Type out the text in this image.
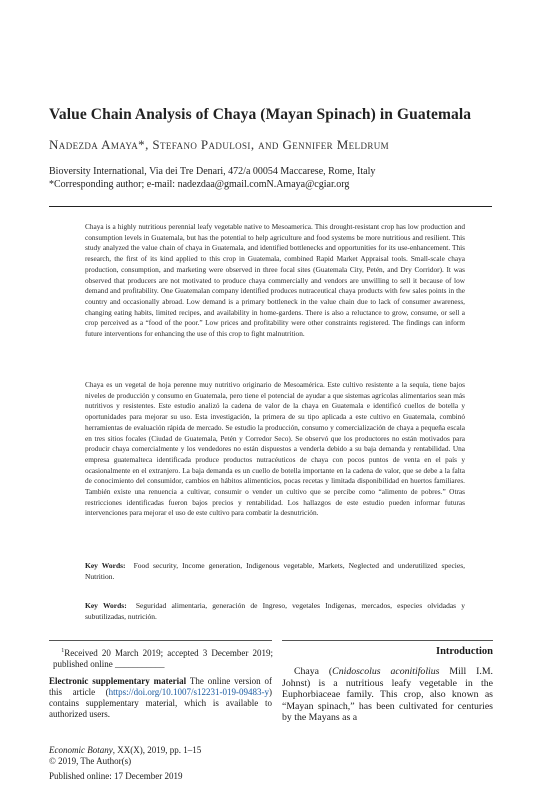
Value Chain Analysis of Chaya (Mayan Spinach) in Guatemala
Nadezda Amaya*, Stefano Padulosi, and Gennifer Meldrum
Bioversity International, Via dei Tre Denari, 472/a 00054 Maccarese, Rome, Italy
*Corresponding author; e-mail: nadezdaa@gmail.comN.Amaya@cgiar.org

Chaya is a highly nutritious perennial leafy vegetable native to Mesoamerica. This drought-resistant crop has low production and consumption levels in Guatemala, but has the potential to help agriculture and food systems be more nutritious and resilient. This study analyzed the value chain of chaya in Guatemala, and identified bottlenecks and opportunities for its use-enhancement. This research, the first of its kind applied to this crop in Guatemala, combined Rapid Market Appraisal tools. Small-scale chaya production, consumption, and marketing were observed in three focal sites (Guatemala City, Petén, and Dry Corridor). It was observed that producers are not motivated to produce chaya commercially and vendors are unwilling to sell it because of low demand and profitability. One Guatemalan company identified produces nutraceutical chaya products with few sales points in the country and occasionally abroad. Low demand is a primary bottleneck in the value chain due to lack of consumer awareness, changing eating habits, limited recipes, and availability in home-gardens. There is also a reluctance to grow, consume, or sell a crop perceived as a “food of the poor.” Low prices and profitability were other constraints registered. The findings can inform future interventions for enhancing the use of this crop to fight malnutrition.

Chaya es un vegetal de hoja perenne muy nutritivo originario de Mesoamérica. Este cultivo resistente a la sequía, tiene bajos niveles de producción y consumo en Guatemala, pero tiene el potencial de ayudar a que sistemas agrícolas alimentarios sean más nutritivos y resistentes. Este estudio analizó la cadena de valor de la chaya en Guatemala e identificó cuellos de botella y oportunidades para mejorar su uso. Esta investigación, la primera de su tipo aplicada a este cultivo en Guatemala, combinó herramientas de evaluación rápida de mercado. Se estudio la producción, consumo y comercialización de chaya a pequeña escala en tres sitios focales (Ciudad de Guatemala, Petén y Corredor Seco). Se observó que los productores no están motivados para producir chaya comercialmente y los vendedores no están dispuestos a venderla debido a su baja demanda y rentabilidad. Una empresa guatemalteca identificada produce productos nutracéuticos de chaya con pocos puntos de venta en el país y ocasionalmente en el extranjero. La baja demanda es un cuello de botella importante en la cadena de valor, que se debe a la falta de conocimiento del consumidor, cambios en hábitos alimenticios, pocas recetas y limitada disponibilidad en huertos familiares. También existe una renuencia a cultivar, consumir o vender un cultivo que se percibe como “alimento de pobres.” Otras restricciones identificadas fueron bajos precios y rentabilidad. Los hallazgos de este estudio pueden informar futuras intervenciones para mejorar el uso de este cultivo para combatir la desnutrición.

Key Words: Food security, Income generation, Indigenous vegetable, Markets, Neglected and underutilized species, Nutrition.
Key Words: Seguridad alimentaria, generación de Ingreso, vegetales Indígenas, mercados, especies olvidadas y subutilizadas, nutrición.
$^1$Received 20 March 2019; accepted 3 December 2019; published online ___________
Electronic supplementary material The online version of this article (https://doi.org/10.1007/s12231-019-09483-y) contains supplementary material, which is available to authorized users.
Introduction

Chaya (Cnidoscolus aconitifolius Mill I.M. Johnst) is a nutritious leafy vegetable in the Euphorbiaceae family. This crop, also known as “Mayan spinach,” has been cultivated for centuries by the Mayans as a

Economic Botany, XX(X), 2019, pp. 1–15
© 2019, The Author(s)
Published online: 17 December 2019
